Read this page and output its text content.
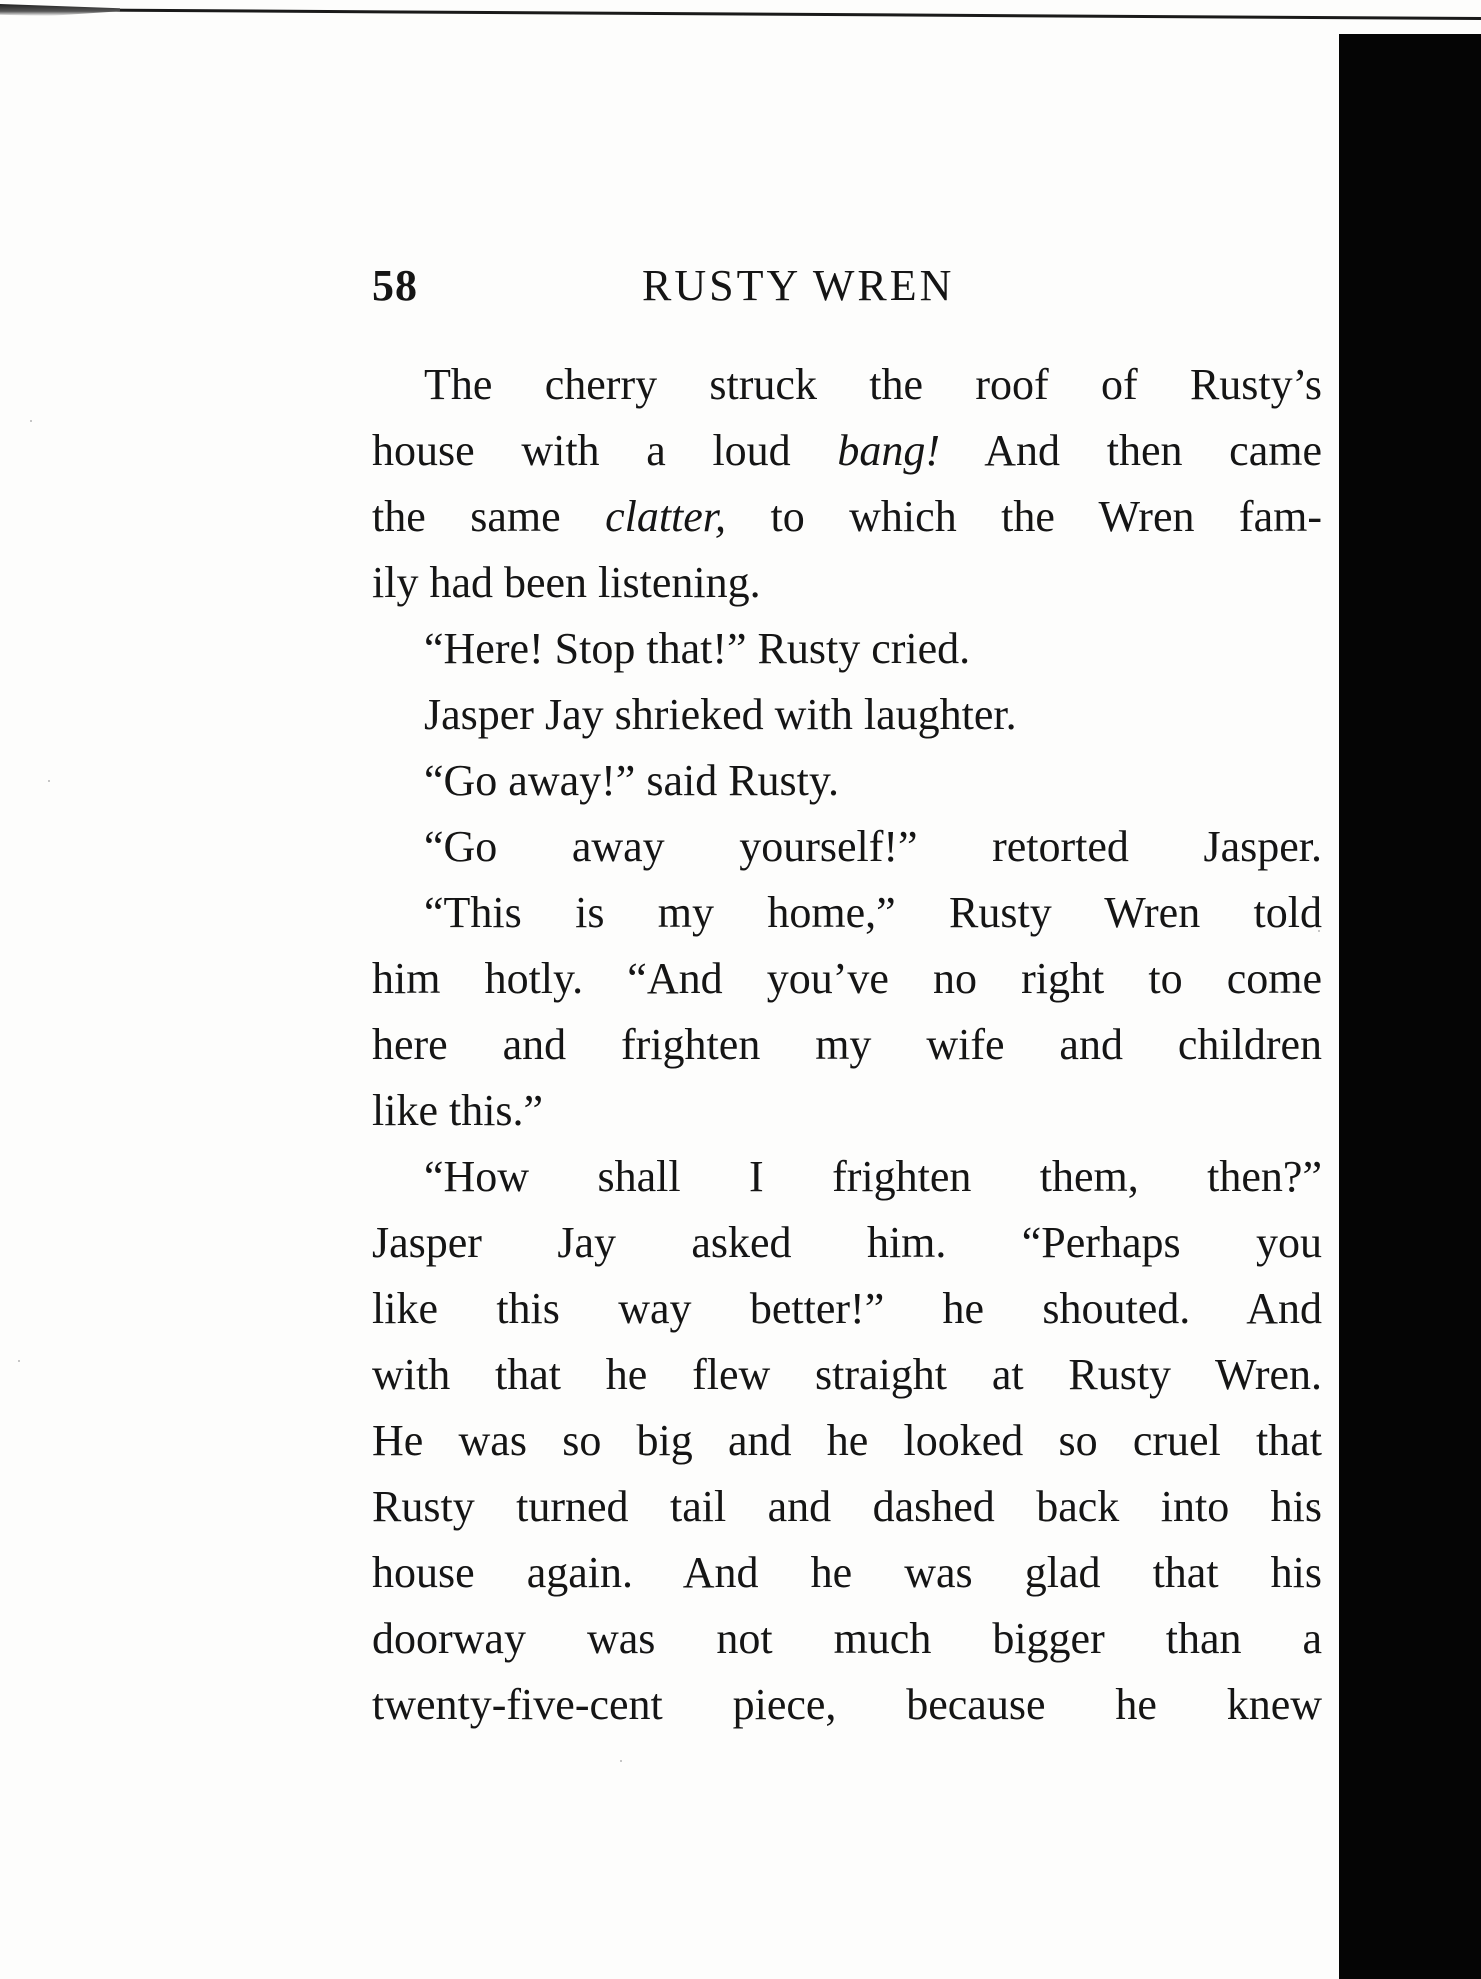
58	RUSTY WREN
The cherry struck the roof of Rusty’s
house with a loud bang! And then came
the same clatter, to which the Wren fam-
ily had been listening.
“Here! Stop that!” Rusty cried.
Jasper Jay shrieked with laughter.
“Go away!” said Rusty.
“Go away yourself!” retorted Jasper.
“This is my home,” Rusty Wren told
him hotly. “And you’ve no right to come
here and frighten my wife and children
like this.”
“How shall I frighten them, then?”
Jasper Jay asked him. “Perhaps you
like this way better!” he shouted. And
with that he flew straight at Rusty Wren.
He was so big and he looked so cruel that
Rusty turned tail and dashed back into his
house again. And he was glad that his
doorway was not much bigger than a
twenty-five-cent piece, because he knew
